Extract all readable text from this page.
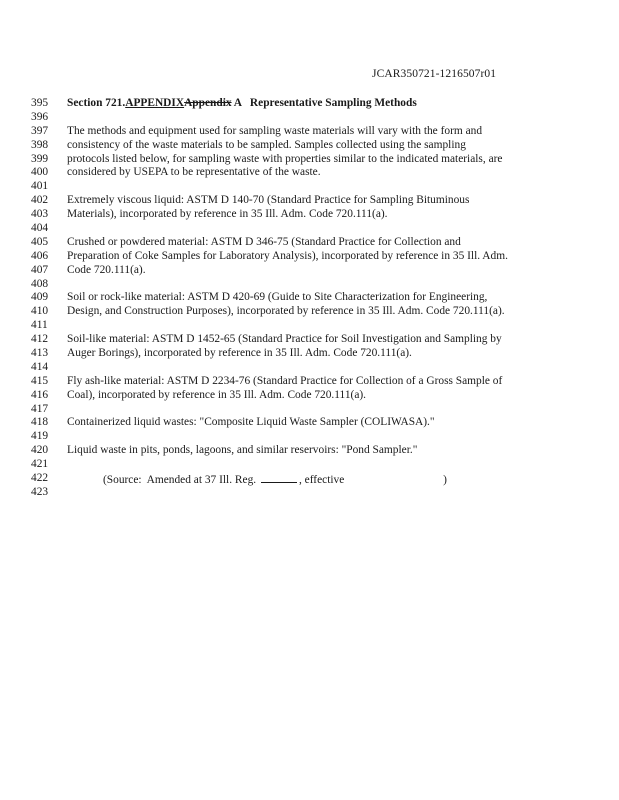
JCAR350721-1216507r01
395	Section 721.APPENDIXAppendix A   Representative Sampling Methods
396
397	The methods and equipment used for sampling waste materials will vary with the form and
398	consistency of the waste materials to be sampled. Samples collected using the sampling
399	protocols listed below, for sampling waste with properties similar to the indicated materials, are
400	considered by USEPA to be representative of the waste.
401
402	Extremely viscous liquid: ASTM D 140-70 (Standard Practice for Sampling Bituminous
403	Materials), incorporated by reference in 35 Ill. Adm. Code 720.111(a).
404
405	Crushed or powdered material: ASTM D 346-75 (Standard Practice for Collection and
406	Preparation of Coke Samples for Laboratory Analysis), incorporated by reference in 35 Ill. Adm.
407	Code 720.111(a).
408
409	Soil or rock-like material: ASTM D 420-69 (Guide to Site Characterization for Engineering,
410	Design, and Construction Purposes), incorporated by reference in 35 Ill. Adm. Code 720.111(a).
411
412	Soil-like material: ASTM D 1452-65 (Standard Practice for Soil Investigation and Sampling by
413	Auger Borings), incorporated by reference in 35 Ill. Adm. Code 720.111(a).
414
415	Fly ash-like material: ASTM D 2234-76 (Standard Practice for Collection of a Gross Sample of
416	Coal), incorporated by reference in 35 Ill. Adm. Code 720.111(a).
417
418	Containerized liquid wastes: "Composite Liquid Waste Sampler (COLIWASA)."
419
420	Liquid waste in pits, ponds, lagoons, and similar reservoirs: "Pond Sampler."
421
422	(Source:  Amended at 37 Ill. Reg.	, effective	)
423
